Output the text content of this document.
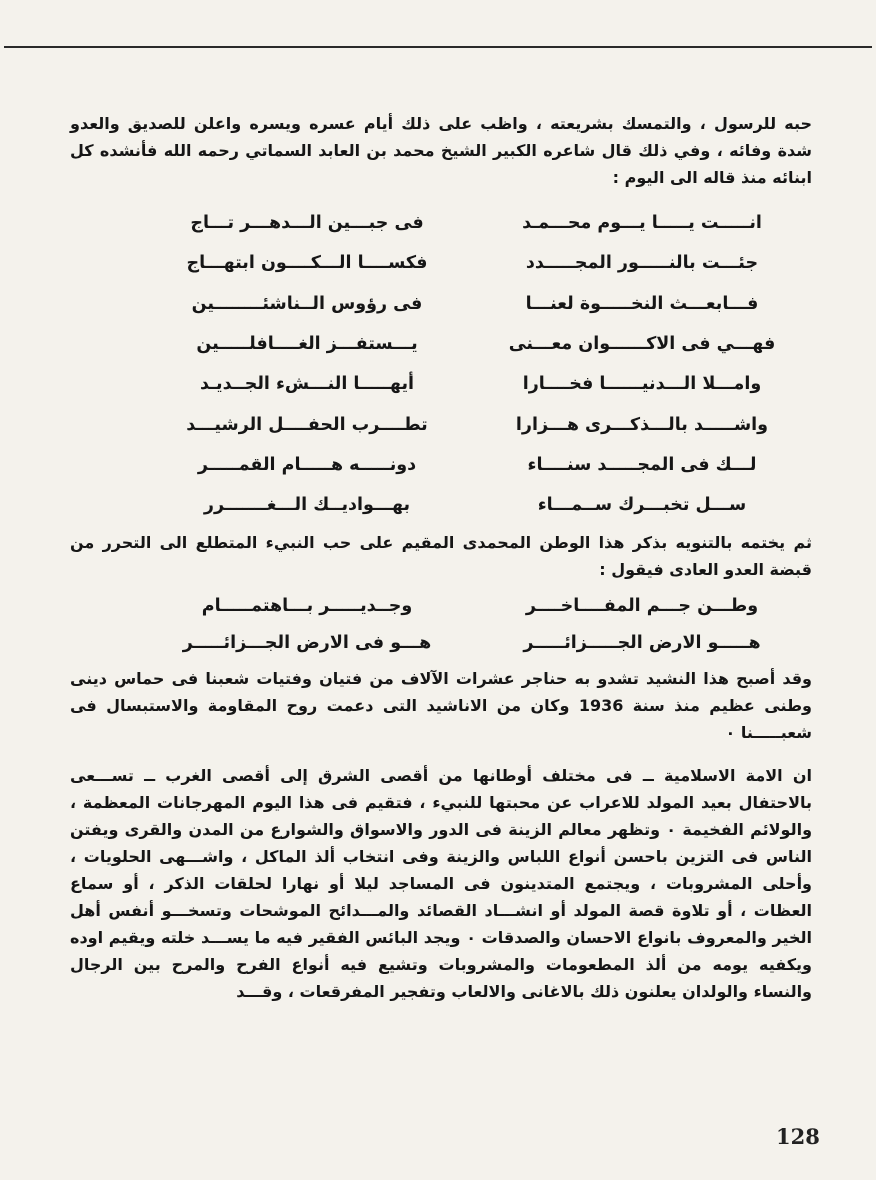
حبه للرسول ، والتمسك بشريعته ، واظب على ذلك أيام عسره ويسره واعلن للصديق والعدو شدة وفائه ، وفي ذلك قال شاعره الكبير الشيخ محمد بن العابد السماتي رحمه الله فأنشده كل ابنائه منذ قاله الى اليوم :

انـــــت يـــــا يـــوم محـــمـد
فى جبـــين الـــدهـــر تـــاج
جئـــت بالنـــــور المجـــــدد
فكســــا الـــكــــون ابتهـــاج
فـــابعـــث النخـــــوة لعنـــا
فى رؤوس الــناشئــــــــين
فهـــي فى الاكــــــوان معـــنى
يـــستفـــز الغــــافلـــــين
وامـــلا الـــدنيــــــا فخــــارا
أيهـــــا النـــشء الجــديـد
واشـــــد بالـــذكـــرى هـــزارا
تطــــرب الحفــــل الرشيـــد
لـــك فى المجـــــد سنــــاء
دونـــــه هـــــام القمـــــر
ســـل تخبـــرك ســمـــاء
بهـــواديــك الـــغـــــــرر

ثم يختمه بالتنويه بذكر هذا الوطن المحمدى المقيم على حب النبيء المتطلع الى التحرر من قبضة العدو العادى فيقول :

وطـــن جـــم المفــــاخــــر
وجــديـــــر بـــاهتمـــــام
هـــــو الارض الجـــــزائـــــر
هـــو فى الارض الجـــزائـــــر

وقد أصبح هذا النشيد تشدو به حناجر عشرات الآلاف من فتيان وفتيات شعبنا فى حماس دينى وطنى عظيم منذ سنة 1936 وكان من الاناشيد التى دعمت روح المقاومة والاستبسال فى شعبـــــنا ٠

ان الامة الاسلامية ــ فى مختلف أوطانها من أقصى الشرق إلى أقصى الغرب ــ تســـعى بالاحتفال بعيد المولد للاعراب عن محبتها للنبيء ، فتقيم فى هذا اليوم المهرجانات المعظمة ، والولائم الفخيمة ٠ وتظهر معالم الزينة فى الدور والاسواق والشوارع من المدن والقرى ويفتن الناس فى التزين باحسن أنواع اللباس والزينة وفى انتخاب ألذ الماكل ، واشـــهى الحلويات ، وأحلى المشروبات ، ويجتمع المتدينون فى المساجد ليلا أو نهارا لحلقات الذكر ، أو سماع العظات ، أو تلاوة قصة المولد أو انشـــاد القصائد والمـــدائح الموشحات وتسخـــو أنفس أهل الخير والمعروف بانواع الاحسان والصدقات ٠ ويجد البائس الفقير فيه ما يســـد خلته ويقيم اوده ويكفيه يومه من ألذ المطعومات والمشروبات وتشيع فيه أنواع الفرح والمرح بين الرجال والنساء والولدان يعلنون ذلك بالاغانى والالعاب وتفجير المفرقعات ، وقـــد

128
